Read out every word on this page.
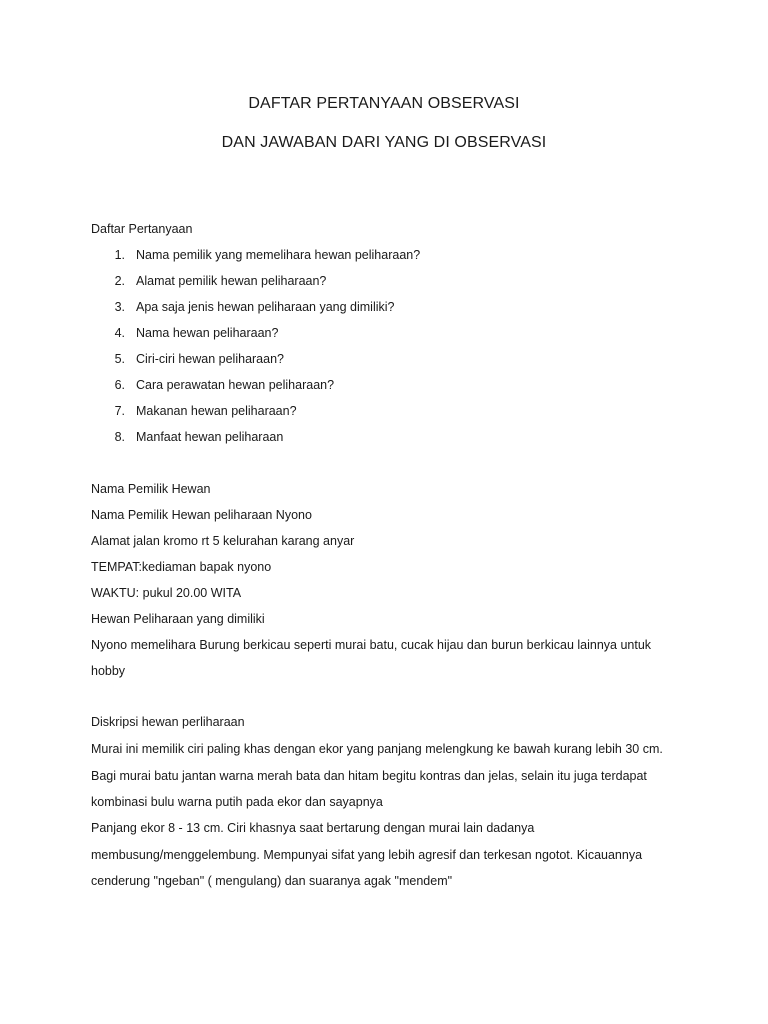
DAFTAR PERTANYAAN OBSERVASI
DAN JAWABAN DARI YANG DI OBSERVASI
Daftar Pertanyaan
1. Nama pemilik yang memelihara hewan peliharaan?
2. Alamat pemilik hewan peliharaan?
3. Apa saja jenis hewan peliharaan yang dimiliki?
4. Nama hewan peliharaan?
5. Ciri-ciri hewan peliharaan?
6. Cara perawatan hewan peliharaan?
7. Makanan hewan peliharaan?
8. Manfaat hewan peliharaan
Nama Pemilik Hewan
Nama Pemilik Hewan peliharaan Nyono
Alamat jalan kromo rt 5 kelurahan karang anyar
TEMPAT:kediaman bapak nyono
WAKTU: pukul 20.00 WITA
Hewan Peliharaan yang dimiliki
Nyono memelihara Burung berkicau seperti murai batu, cucak hijau dan burun berkicau lainnya untuk
hobby
Diskripsi hewan perliharaan
Murai ini memilik ciri paling khas dengan ekor yang panjang melengkung ke bawah kurang lebih 30 cm.
Bagi murai batu jantan warna merah bata dan hitam begitu kontras dan jelas, selain itu juga terdapat
kombinasi bulu warna putih pada ekor dan sayapnya
Panjang ekor 8 - 13 cm. Ciri khasnya saat bertarung dengan murai lain dadanya
membusung/menggelembung. Mempunyai sifat yang lebih agresif dan terkesan ngotot. Kicauannya
cenderung "ngeban" ( mengulang) dan suaranya agak "mendem"
